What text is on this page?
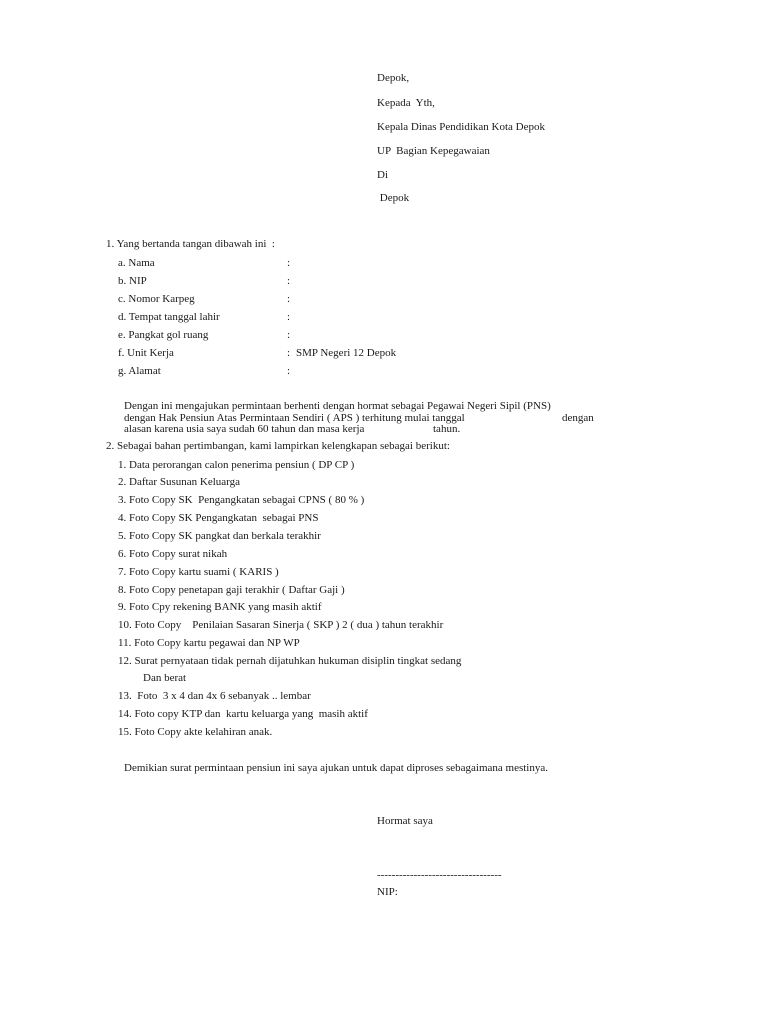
Depok,
Kepada  Yth,
Kepala Dinas Pendidikan Kota Depok
UP  Bagian Kepegawaian
Di
Depok
1. Yang bertanda tangan dibawah ini  :
a. Nama	:
b. NIP	:
c. Nomor Karpeg	:
d. Tempat tanggal lahir	:
e. Pangkat gol ruang	:
f. Unit Kerja	: SMP Negeri 12 Depok
g. Alamat	:
Dengan ini mengajukan permintaan berhenti dengan hormat sebagai Pegawai Negeri Sipil (PNS)
dengan Hak Pensiun Atas Permintaan Sendiri ( APS ) terhitung mulai tanggal	dengan
alasan karena usia saya sudah 60 tahun dan masa kerja	tahun.
2. Sebagai bahan pertimbangan, kami lampirkan kelengkapan sebagai berikut:
1. Data perorangan calon penerima pensiun ( DP CP )
2. Daftar Susunan Keluarga
3. Foto Copy SK  Pengangkatan sebagai CPNS ( 80 % )
4. Foto Copy SK Pengangkatan  sebagai PNS
5. Foto Copy SK pangkat dan berkala terakhir
6. Foto Copy surat nikah
7. Foto Copy kartu suami ( KARIS )
8. Foto Copy penetapan gaji terakhir ( Daftar Gaji )
9. Foto Cpy rekening BANK yang masih aktif
10. Foto Copy    Penilaian Sasaran Sinerja ( SKP ) 2 ( dua ) tahun terakhir
11. Foto Copy kartu pegawai dan NP WP
12. Surat pernyataan tidak pernah dijatuhkan hukuman disiplin tingkat sedang
Dan berat
13.  Foto  3 x 4 dan 4x 6 sebanyak .. lembar
14. Foto copy KTP dan  kartu keluarga yang  masih aktif
15. Foto Copy akte kelahiran anak.
Demikian surat permintaan pensiun ini saya ajukan untuk dapat diproses sebagaimana mestinya.
Hormat saya
----------------------------------
NIP:
